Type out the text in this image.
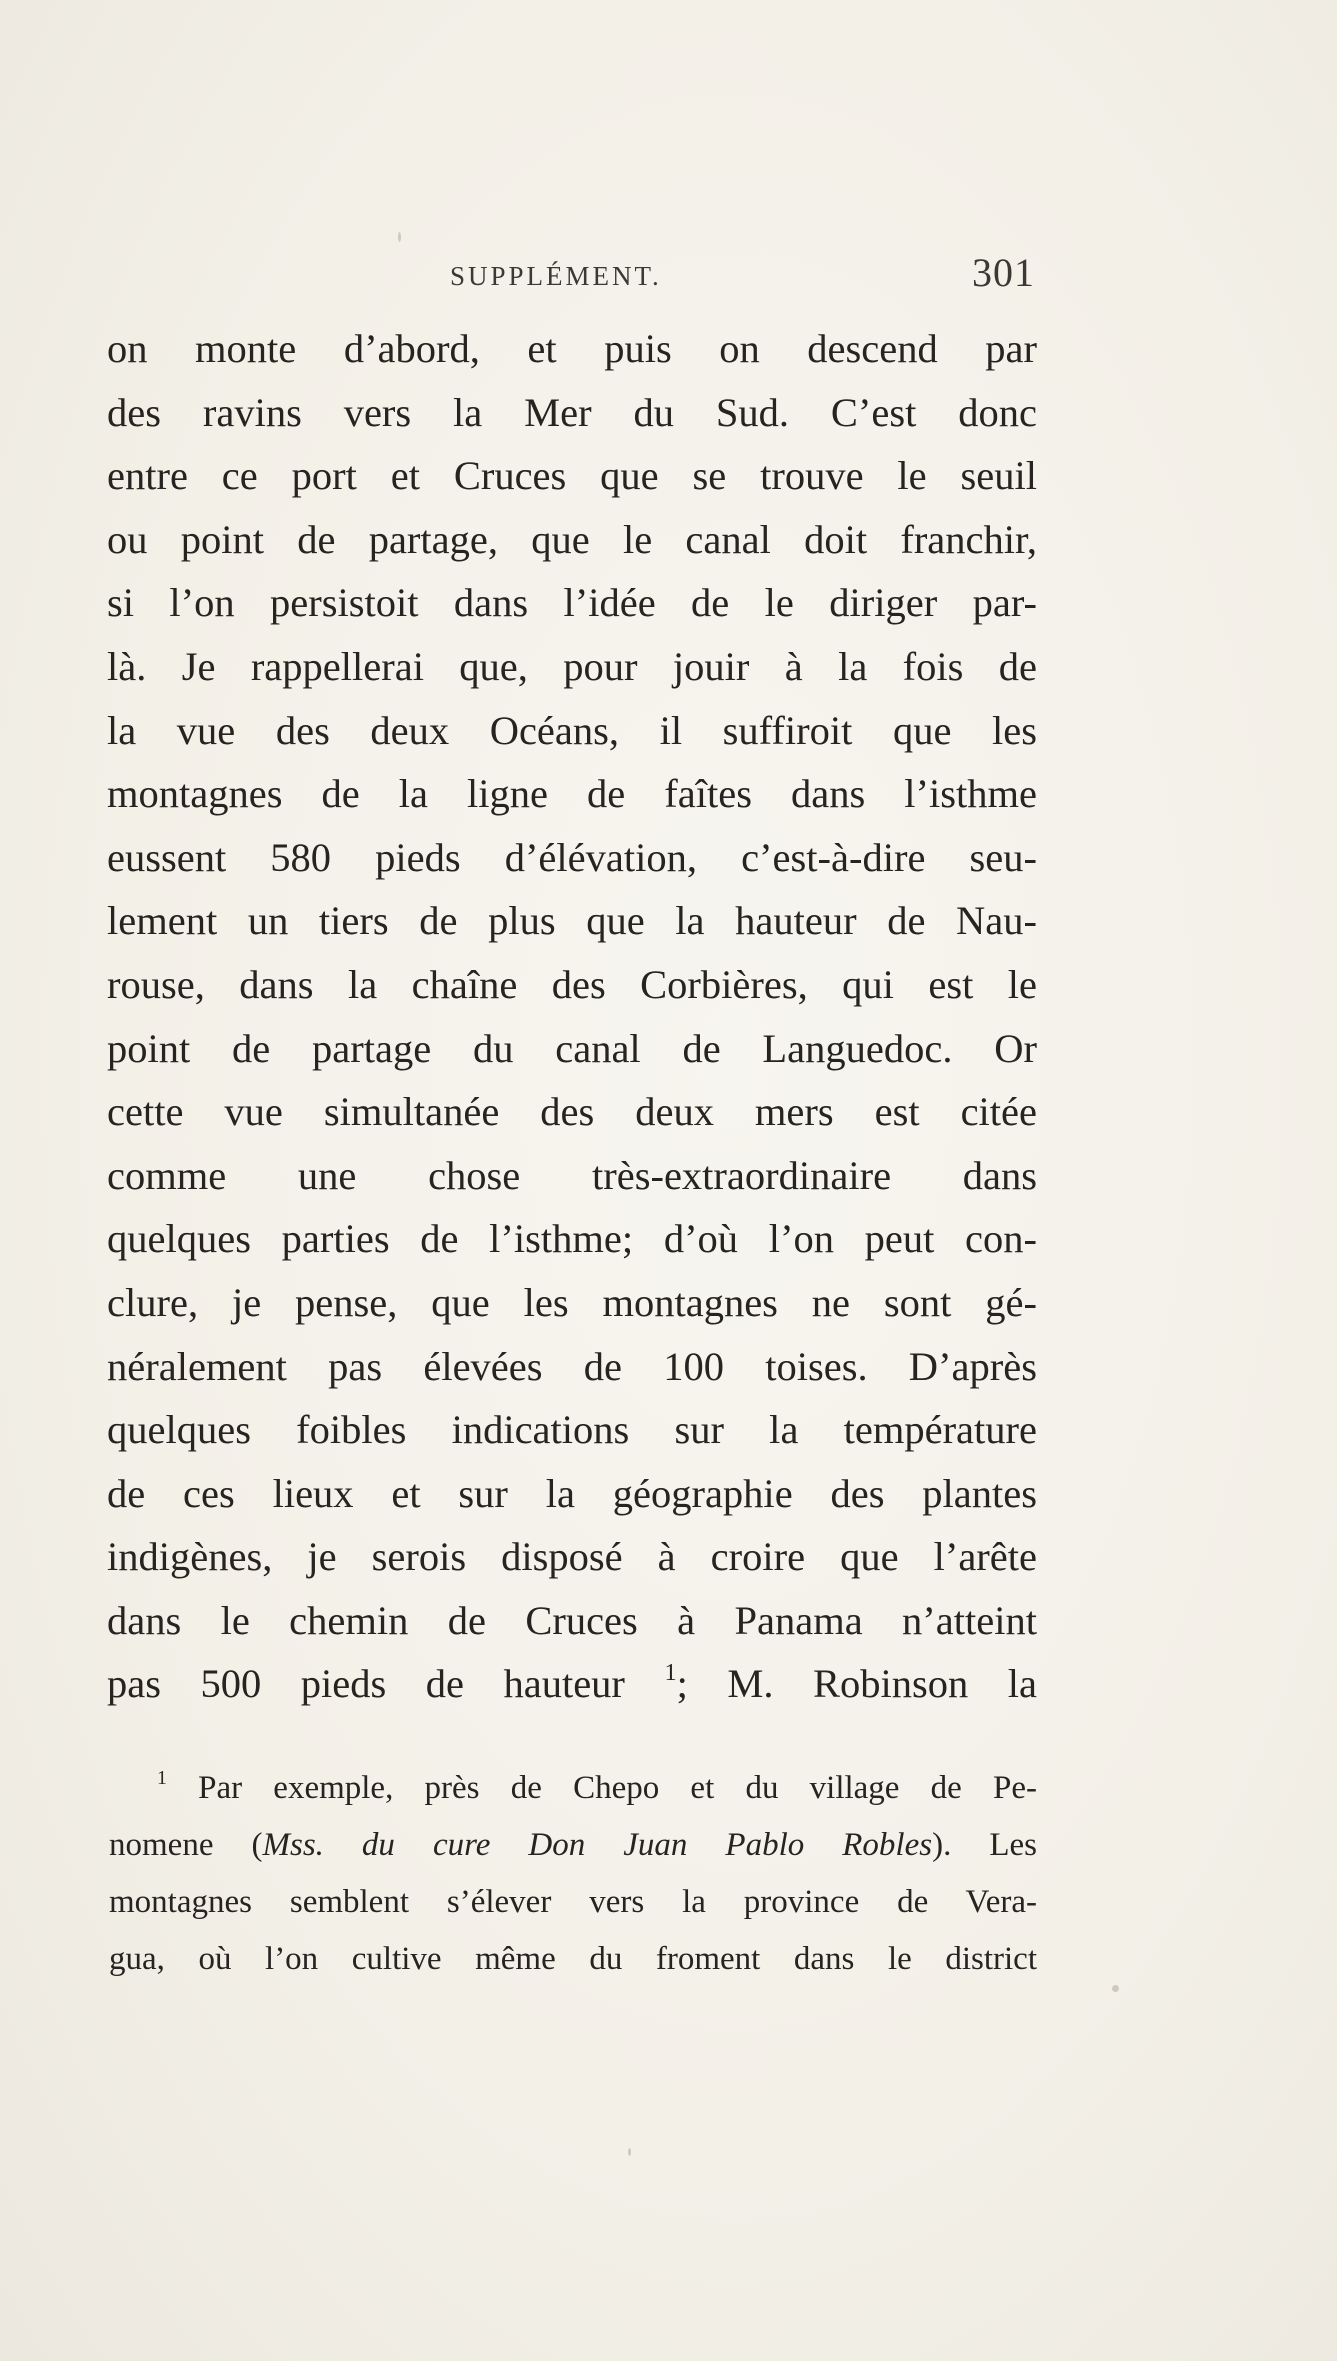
SUPPLÉMENT.	301
on monte d’abord, et puis on descend par
des ravins vers la Mer du Sud. C’est donc
entre ce port et Cruces que se trouve le seuil
ou point de partage, que le canal doit franchir,
si l’on persistoit dans l’idée de le diriger par-
là. Je rappellerai que, pour jouir à la fois de
la vue des deux Océans, il suffiroit que les
montagnes de la ligne de faîtes dans l’isthme
eussent 580 pieds d’élévation, c’est-à-dire seu-
lement un tiers de plus que la hauteur de Nau-
rouse, dans la chaîne des Corbières, qui est le
point de partage du canal de Languedoc. Or
cette vue simultanée des deux mers est citée
comme une chose très-extraordinaire dans
quelques parties de l’isthme; d’où l’on peut con-
clure, je pense, que les montagnes ne sont gé-
néralement pas élevées de 100 toises. D’après
quelques foibles indications sur la température
de ces lieux et sur la géographie des plantes
indigènes, je serois disposé à croire que l’arête
dans le chemin de Cruces à Panama n’atteint
pas 500 pieds de hauteur $^1$; M. Robinson la
$^1$ Par exemple, près de Chepo et du village de Pe-
nomene (Mss. du cure Don Juan Pablo Robles). Les
montagnes semblent s’élever vers la province de Vera-
gua, où l’on cultive même du froment dans le district
